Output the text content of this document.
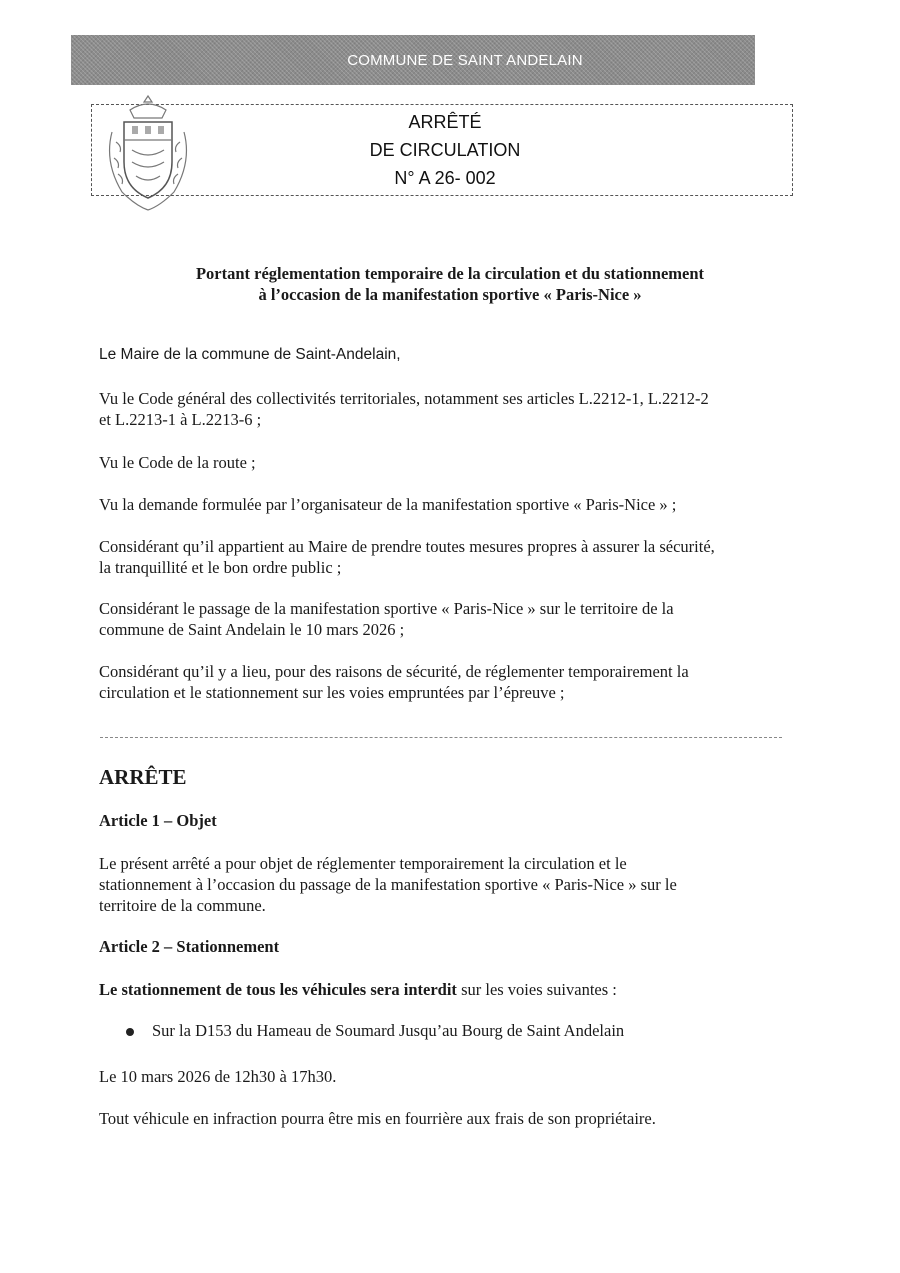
COMMUNE DE SAINT ANDELAIN
ARRÊTÉ
DE CIRCULATION
N° A 26- 002
Portant réglementation temporaire de la circulation et du stationnement
à l’occasion de la manifestation sportive « Paris-Nice »
Le Maire de la commune de Saint-Andelain,
Vu le Code général des collectivités territoriales, notamment ses articles L.2212-1, L.2212-2
et L.2213-1 à L.2213-6 ;
Vu le Code de la route ;
Vu la demande formulée par l’organisateur de la manifestation sportive « Paris-Nice » ;
Considérant qu’il appartient au Maire de prendre toutes mesures propres à assurer la sécurité,
la tranquillité et le bon ordre public ;
Considérant le passage de la manifestation sportive « Paris-Nice » sur le territoire de la
commune de Saint Andelain le 10 mars 2026 ;
Considérant qu’il y a lieu, pour des raisons de sécurité, de réglementer temporairement la
circulation et le stationnement sur les voies empruntées par l’épreuve ;
ARRÊTE
Article 1 – Objet
Le présent arrêté a pour objet de réglementer temporairement la circulation et le
stationnement à l’occasion du passage de la manifestation sportive « Paris-Nice » sur le
territoire de la commune.
Article 2 – Stationnement
Le stationnement de tous les véhicules sera interdit sur les voies suivantes :
Sur la D153 du Hameau de Soumard Jusqu’au Bourg de Saint Andelain
Le 10 mars 2026 de 12h30 à 17h30.
Tout véhicule en infraction pourra être mis en fourrière aux frais de son propriétaire.
